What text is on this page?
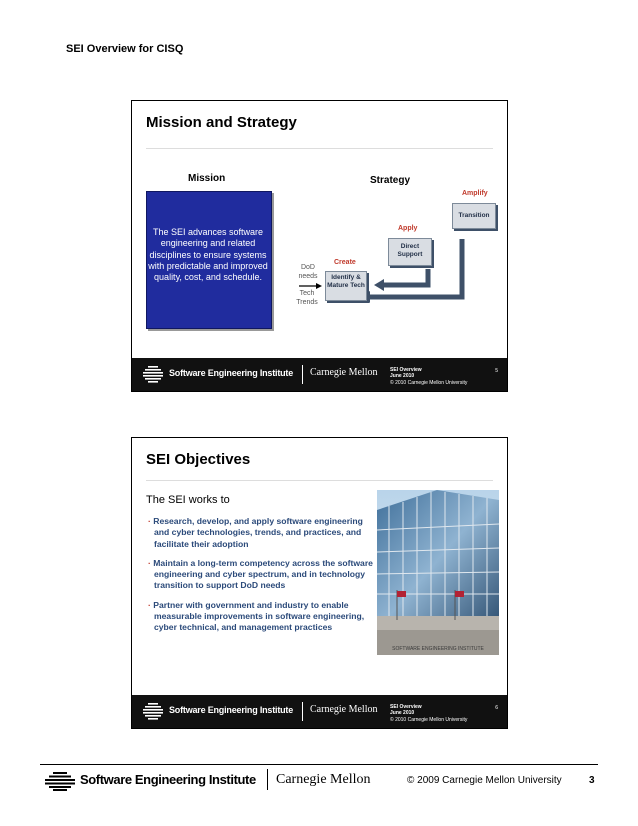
SEI Overview for CISQ
Mission and Strategy
Mission
The SEI advances software engineering and related disciplines to ensure systems with predictable and improved quality, cost, and schedule.
Strategy
Amplify
Transition
Apply
Direct Support
Create
Identify & Mature Tech
DoD needs
Tech Trends
Software Engineering Institute Carnegie Mellon	SEI Overview
June 2010
© 2010 Carnegie Mellon University
5
SEI Objectives
The SEI works to
· Research, develop, and apply software engineering and cyber technologies, trends, and practices, and facilitate their adoption
· Maintain a long-term competency across the software engineering and cyber spectrum, and in technology transition to support DoD needs
· Partner with government and industry to enable measurable improvements in software engineering, cyber technical, and management practices
SOFTWARE ENGINEERING INSTITUTE
Software Engineering Institute Carnegie Mellon	SEI Overview
June 2010
© 2010 Carnegie Mellon University
6
Software Engineering Institute Carnegie Mellon	© 2009 Carnegie Mellon University	3
